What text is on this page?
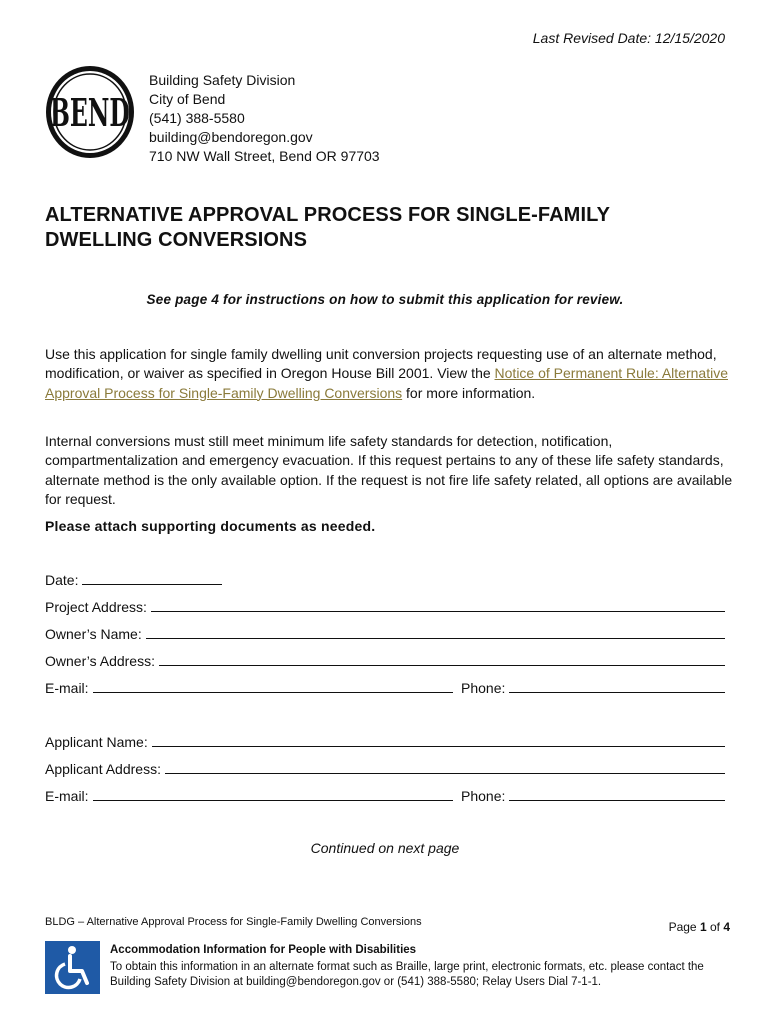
Last Revised Date: 12/15/2020
BEND
Building Safety Division
City of Bend
(541) 388-5580
building@bendoregon.gov
710 NW Wall Street, Bend OR 97703
ALTERNATIVE APPROVAL PROCESS FOR SINGLE-FAMILY
DWELLING CONVERSIONS
See page 4 for instructions on how to submit this application for review.
Use this application for single family dwelling unit conversion projects requesting use of an alternate method, modification, or waiver as specified in Oregon House Bill 2001. View the Notice of Permanent Rule: Alternative Approval Process for Single-Family Dwelling Conversions for more information.
Internal conversions must still meet minimum life safety standards for detection, notification, compartmentalization and emergency evacuation. If this request pertains to any of these life safety standards, alternate method is the only available option. If the request is not fire life safety related, all options are available for request.
Please attach supporting documents as needed.
Date:
Project Address:
Owner’s Name:
Owner’s Address:
E-mail:	Phone:
Applicant Name:
Applicant Address:
E-mail:	Phone:
Continued on next page
BLDG – Alternative Approval Process for Single-Family Dwelling Conversions	Page 1 of 4
Accommodation Information for People with Disabilities
To obtain this information in an alternate format such as Braille, large print, electronic formats, etc. please contact the Building Safety Division at building@bendoregon.gov or (541) 388-5580; Relay Users Dial 7-1-1.
